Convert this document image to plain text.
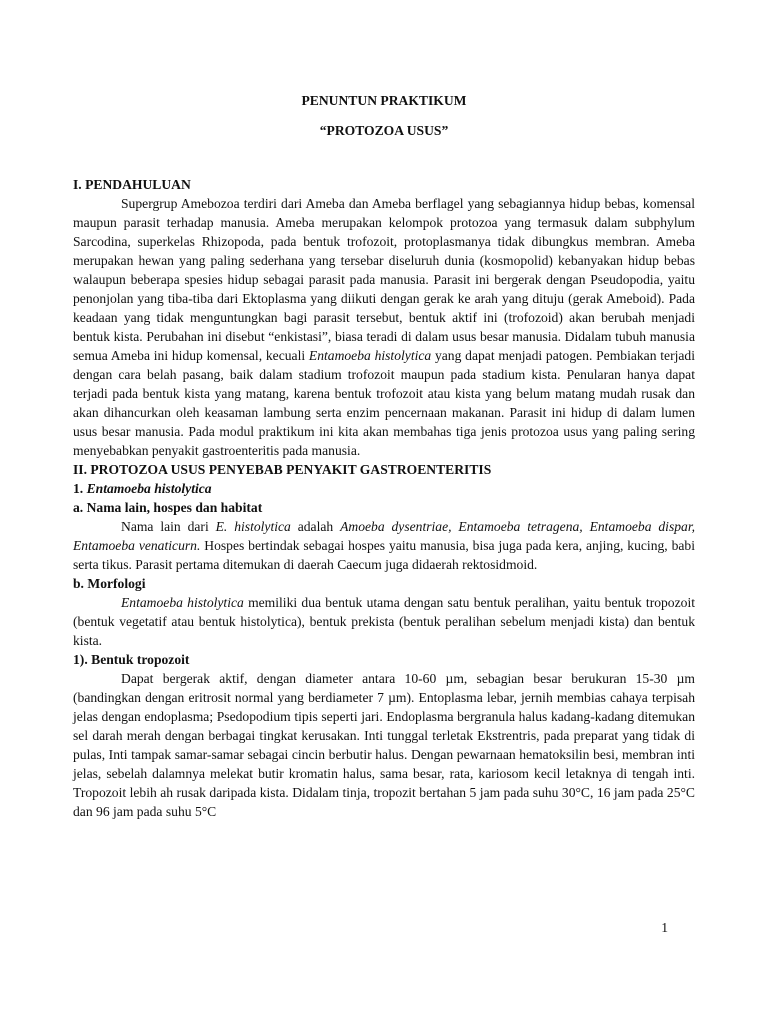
PENUNTUN PRAKTIKUM
“PROTOZOA USUS”
I. PENDAHULUAN

Supergrup Amebozoa terdiri dari Ameba dan Ameba berflagel yang sebagiannya hidup bebas, komensal maupun parasit terhadap manusia. Ameba merupakan kelompok protozoa yang termasuk dalam subphylum Sarcodina, superkelas Rhizopoda, pada bentuk trofozoit, protoplasmanya tidak dibungkus membran. Ameba merupakan hewan yang paling sederhana yang tersebar diseluruh dunia (kosmopolid) kebanyakan hidup bebas walaupun beberapa spesies hidup sebagai parasit pada manusia. Parasit ini bergerak dengan Pseudopodia, yaitu penonjolan yang tiba-tiba dari Ektoplasma yang diikuti dengan gerak ke arah yang dituju (gerak Ameboid). Pada keadaan yang tidak menguntungkan bagi parasit tersebut, bentuk aktif ini (trofozoid) akan berubah menjadi bentuk kista. Perubahan ini disebut “enkistasi”, biasa teradi di dalam usus besar manusia. Didalam tubuh manusia semua Ameba ini hidup komensal, kecuali Entamoeba histolytica yang dapat menjadi patogen. Pembiakan terjadi dengan cara belah pasang, baik dalam stadium trofozoit maupun pada stadium kista. Penularan hanya dapat terjadi pada bentuk kista yang matang, karena bentuk trofozoit atau kista yang belum matang mudah rusak dan akan dihancurkan oleh keasaman lambung serta enzim pencernaan makanan. Parasit ini hidup di dalam lumen usus besar manusia. Pada modul praktikum ini kita akan membahas tiga jenis protozoa usus yang paling sering menyebabkan penyakit gastroenteritis pada manusia.

II. PROTOZOA USUS PENYEBAB PENYAKIT GASTROENTERITIS
1. Entamoeba histolytica
a. Nama lain, hospes dan habitat

Nama lain dari E. histolytica adalah Amoeba dysentriae, Entamoeba tetragena, Entamoeba dispar, Entamoeba venaticurn. Hospes bertindak sebagai hospes yaitu manusia, bisa juga pada kera, anjing, kucing, babi serta tikus. Parasit pertama ditemukan di daerah Caecum juga didaerah rektosidmoid.

b. Morfologi

Entamoeba histolytica memiliki dua bentuk utama dengan satu bentuk peralihan, yaitu bentuk tropozoit (bentuk vegetatif atau bentuk histolytica), bentuk prekista (bentuk peralihan sebelum menjadi kista) dan bentuk kista.

1). Bentuk tropozoit

Dapat bergerak aktif, dengan diameter antara 10-60 µm, sebagian besar berukuran 15-30 µm (bandingkan dengan eritrosit normal yang berdiameter 7 µm). Entoplasma lebar, jernih membias cahaya terpisah jelas dengan endoplasma; Psedopodium tipis seperti jari. Endoplasma bergranula halus kadang-kadang ditemukan sel darah merah dengan berbagai tingkat kerusakan. Inti tunggal terletak Ekstrentris, pada preparat yang tidak di pulas, Inti tampak samar-samar sebagai cincin berbutir halus. Dengan pewarnaan hematoksilin besi, membran inti jelas, sebelah dalamnya melekat butir kromatin halus, sama besar, rata, kariosom kecil letaknya di tengah inti. Tropozoit lebih ah rusak daripada kista. Didalam tinja, tropozit bertahan 5 jam pada suhu 30°C, 16 jam pada 25°C dan 96 jam pada suhu 5°C

1
